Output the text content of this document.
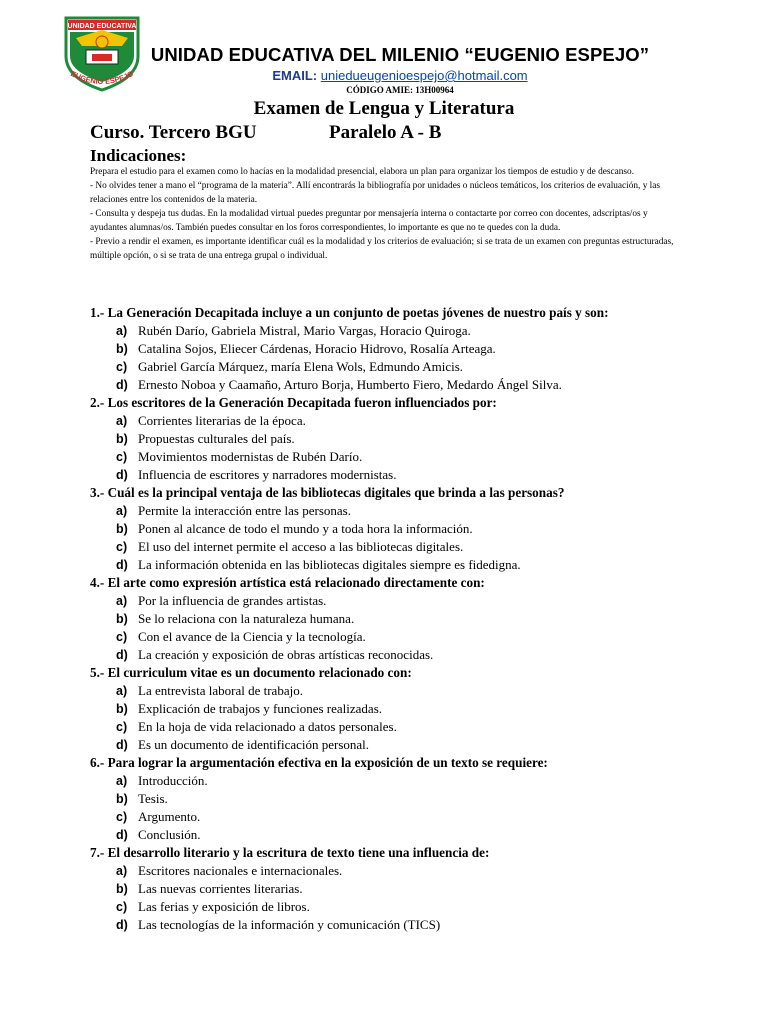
UNIDAD EDUCATIVA
EUGENIO ESPEJO
UNIDAD EDUCATIVA DEL MILENIO “EUGENIO ESPEJO”
EMAIL: uniedueugenioespejo@hotmail.com
CÓDIGO AMIE: 13H00964
Examen de Lengua y Literatura
Curso. Tercero BGU	Paralelo A - B
Indicaciones:

Prepara el estudio para el examen como lo hacías en la modalidad presencial, elabora un plan para organizar los tiempos de estudio y de descanso.

- No olvides tener a mano el “programa de la materia”. Allí encontrarás la bibliografía por unidades o núcleos temáticos, los criterios de evaluación, y las relaciones entre los contenidos de la materia.

- Consulta y despeja tus dudas. En la modalidad virtual puedes preguntar por mensajería interna o contactarte por correo con docentes, adscriptas/os y ayudantes alumnas/os. También puedes consultar en los foros correspondientes, lo importante es que no te quedes con la duda.

- Previo a rendir el examen, es importante identificar cuál es la modalidad y los criterios de evaluación; si se trata de un examen con preguntas estructuradas, múltiple opción, o si se trata de una entrega grupal o individual.

1.- La Generación Decapitada incluye a un conjunto de poetas jóvenes de nuestro país y son:
a) Rubén Darío, Gabriela Mistral, Mario Vargas, Horacio Quiroga.
b) Catalina Sojos, Eliecer Cárdenas, Horacio Hidrovo, Rosalía Arteaga.
c) Gabriel García Márquez, maría Elena Wols, Edmundo Amicis.
d) Ernesto Noboa y Caamaño, Arturo Borja, Humberto Fiero, Medardo Ángel Silva.
2.- Los escritores de la Generación Decapitada fueron influenciados por:
a) Corrientes literarias de la época.
b) Propuestas culturales del país.
c) Movimientos modernistas de Rubén Darío.
d) Influencia de escritores y narradores modernistas.
3.- Cuál es la principal ventaja de las bibliotecas digitales que brinda a las personas?
a) Permite la interacción entre las personas.
b) Ponen al alcance de todo el mundo y a toda hora la información.
c) El uso del internet permite el acceso a las bibliotecas digitales.
d) La información obtenida en las bibliotecas digitales siempre es fidedigna.
4.- El arte como expresión artística está relacionado directamente con:
a) Por la influencia de grandes artistas.
b) Se lo relaciona con la naturaleza humana.
c) Con el avance de la Ciencia y la tecnología.
d) La creación y exposición de obras artísticas reconocidas.
5.- El curriculum vitae es un documento relacionado con:
a) La entrevista laboral de trabajo.
b) Explicación de trabajos y funciones realizadas.
c) En la hoja de vida relacionado a datos personales.
d) Es un documento de identificación personal.
6.- Para lograr la argumentación efectiva en la exposición de un texto se requiere:
a) Introducción.
b) Tesis.
c) Argumento.
d) Conclusión.
7.- El desarrollo literario y la escritura de texto tiene una influencia de:
a) Escritores nacionales e internacionales.
b) Las nuevas corrientes literarias.
c) Las ferias y exposición de libros.
d) Las tecnologías de la información y comunicación (TICS)
